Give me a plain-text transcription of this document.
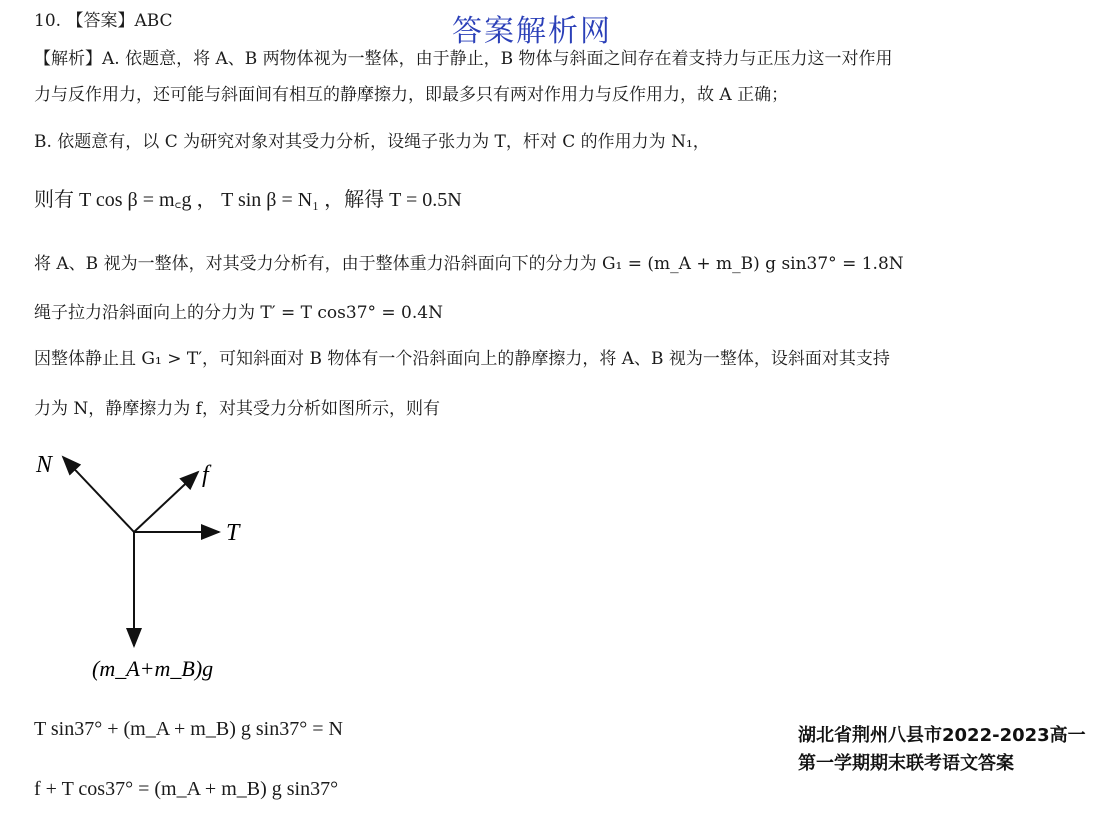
答案解析网
10. 【答案】ABC
【解析】A. 依题意，将 A、B 两物体视为一整体，由于静止，B 物体与斜面之间存在着支持力与正压力这一对作用
力与反作用力，还可能与斜面间有相互的静摩擦力，即最多只有两对作用力与反作用力，故 A 正确；
B. 依题意有，以 C 为研究对象对其受力分析，设绳子张力为 T，杆对 C 的作用力为 N₁，
则有 T cos β = m꜀g ， T sin β = N₁ ，解得 T = 0.5N
将 A、B 视为一整体，对其受力分析有，由于整体重力沿斜面向下的分力为 G₁ = (m_A + m_B) g sin37° = 1.8N
绳子拉力沿斜面向上的分力为 T′ = T cos37° = 0.4N
因整体静止且 G₁ > T′，可知斜面对 B 物体有一个沿斜面向上的静摩擦力，将 A、B 视为一整体，设斜面对其支持
力为 N，静摩擦力为 f，对其受力分析如图所示，则有
N	f
T
(m_A+m_B)g
T sin37° + (m_A + m_B) g sin37° = N
f + T cos37° = (m_A + m_B) g sin37°
湖北省荆州八县市2022-2023高一第一学期期末联考语文答案
